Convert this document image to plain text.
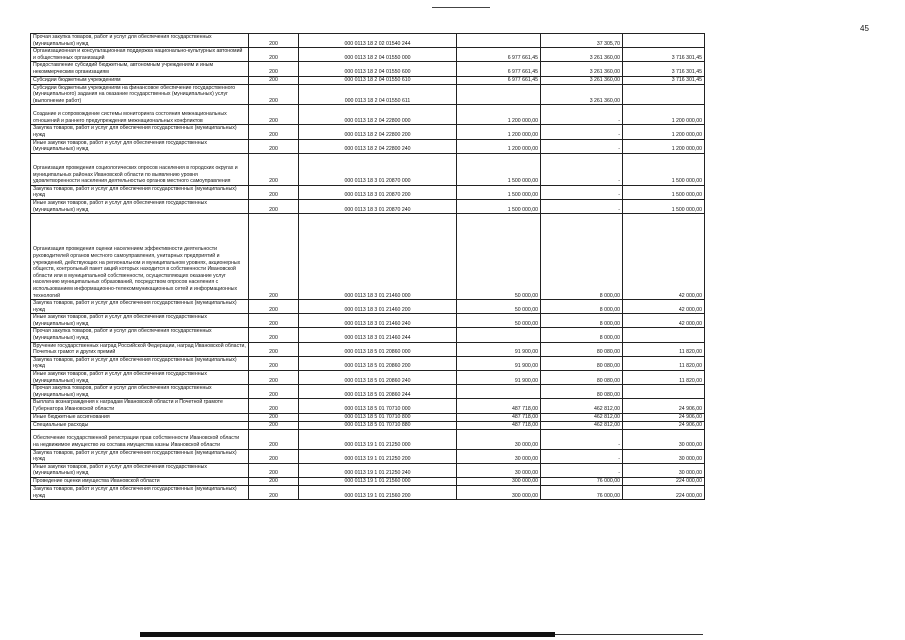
45
Прочая закупка товаров, работ и услуг для обеспечения государственных (муниципальных) нужд	200	000 0113 18 2 02 01540 244		37 305,70	
Организационная и консультационная поддержка национально-культурных автономий и общественных организаций	200	000 0113 18 2 04 01550 000	6 977 661,45	3 261 360,00	3 716 301,45
Предоставление субсидий бюджетным, автономным учреждениям и иным некоммерческим организациям	200	000 0113 18 2 04 01550 600	6 977 661,45	3 261 360,00	3 716 301,45
Субсидии бюджетным учреждениям	200	000 0113 18 2 04 01550 610	6 977 661,45	3 261 360,00	3 716 301,45
Субсидии бюджетным учреждениям на финансовое обеспечение государственного (муниципального) задания на оказание государственных (муниципальных) услуг (выполнение работ)	200	000 0113 18 2 04 01550 611		3 261 360,00	
Создание и сопровождение системы мониторинга состояния межнациональных отношений и раннего предупреждения межнациональных конфликтов	200	000 0113 18 2 04 22800 000	1 200 000,00	-	1 200 000,00
Закупка товаров, работ и услуг для обеспечения государственных (муниципальных) нужд	200	000 0113 18 2 04 22800 200	1 200 000,00	-	1 200 000,00
Иные закупки товаров, работ и услуг для обеспечения государственных (муниципальных) нужд	200	000 0113 18 2 04 22800 240	1 200 000,00	-	1 200 000,00
Организация проведения социологических опросов населения в городских округах и муниципальных районах Ивановской области по выявлению уровня удовлетворенности населения деятельностью органов местного самоуправления	200	000 0113 18 3 01 20870 000	1 500 000,00	-	1 500 000,00
Закупка товаров, работ и услуг для обеспечения государственных (муниципальных) нужд	200	000 0113 18 3 01 20870 200	1 500 000,00	-	1 500 000,00
Иные закупки товаров, работ и услуг для обеспечения государственных (муниципальных) нужд	200	000 0113 18 3 01 20870 240	1 500 000,00	-	1 500 000,00
Организация проведения оценки населением эффективности деятельности руководителей органов местного самоуправления, унитарных предприятий и учреждений, действующих на региональном и муниципальном уровнях, акционерных обществ, контрольный пакет акций которых находится в собственности Ивановской области или в муниципальной собственности, осуществляющих оказание услуг населению муниципальных образований, посредством опросов населения с использованием информационно-телекоммуникационных сетей и информационных технологий	200	000 0113 18 3 01 21460 000	50 000,00	8 000,00	42 000,00
Закупка товаров, работ и услуг для обеспечения государственных (муниципальных) нужд	200	000 0113 18 3 01 21460 200	50 000,00	8 000,00	42 000,00
Иные закупки товаров, работ и услуг для обеспечения государственных (муниципальных) нужд	200	000 0113 18 3 01 21460 240	50 000,00	8 000,00	42 000,00
Прочая закупка товаров, работ и услуг для обеспечения государственных (муниципальных) нужд	200	000 0113 18 3 01 21460 244		8 000,00	
Вручение государственных наград Российской Федерации, наград Ивановской области, Почетных грамот и других премий	200	000 0113 18 5 01 20860 000	91 900,00	80 080,00	11 820,00
Закупка товаров, работ и услуг для обеспечения государственных (муниципальных) нужд	200	000 0113 18 5 01 20860 200	91 900,00	80 080,00	11 820,00
Иные закупки товаров, работ и услуг для обеспечения государственных (муниципальных) нужд	200	000 0113 18 5 01 20860 240	91 900,00	80 080,00	11 820,00
Прочая закупка товаров, работ и услуг для обеспечения государственных (муниципальных) нужд	200	000 0113 18 5 01 20860 244		80 080,00	
Выплата вознаграждения к наградам Ивановской области и Почетной грамоте Губернатора Ивановской области	200	000 0113 18 5 01 70710 000	487 718,00	462 812,00	24 906,00
Иные бюджетные ассигнования	200	000 0113 18 5 01 70710 800	487 718,00	462 812,00	24 906,00
Специальные расходы	200	000 0113 18 5 01 70710 880	487 718,00	462 812,00	24 906,00
Обеспечение государственной регистрации прав собственности Ивановской области на недвижимое имущество из состава имущества казны Ивановской области	200	000 0113 19 1 01 21250 000	30 000,00	-	30 000,00
Закупка товаров, работ и услуг для обеспечения государственных (муниципальных) нужд	200	000 0113 19 1 01 21250 200	30 000,00	-	30 000,00
Иные закупки товаров, работ и услуг для обеспечения государственных (муниципальных) нужд	200	000 0113 19 1 01 21250 240	30 000,00	-	30 000,00
Проведение оценки имущества Ивановской области	200	000 0113 19 1 01 21560 000	300 000,00	76 000,00	224 000,00
Закупка товаров, работ и услуг для обеспечения государственных (муниципальных) нужд	200	000 0113 19 1 01 21560 200	300 000,00	76 000,00	224 000,00
